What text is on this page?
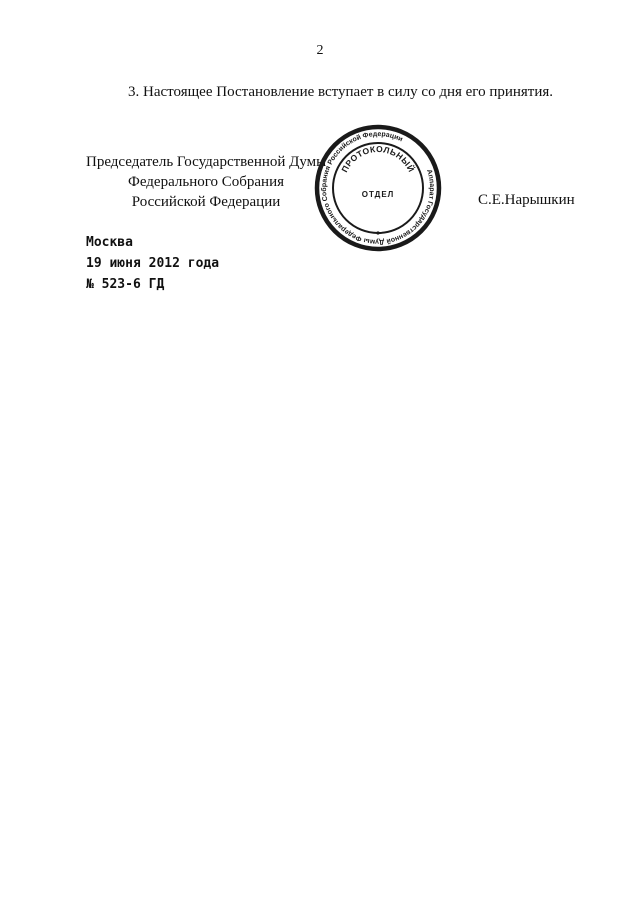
2
3. Настоящее Постановление вступает в силу со дня его принятия.
Председатель Государственной Думы
Федерального Собрания
Российской Федерации
Аппарат Государственной Думы Федерального Собрания Российской Федерации
ПРОТОКОЛЬНЫЙ
ОТДЕЛ	С.Е.Нарышкин
Москва
19 июня 2012 года
№ 523-6 ГД
